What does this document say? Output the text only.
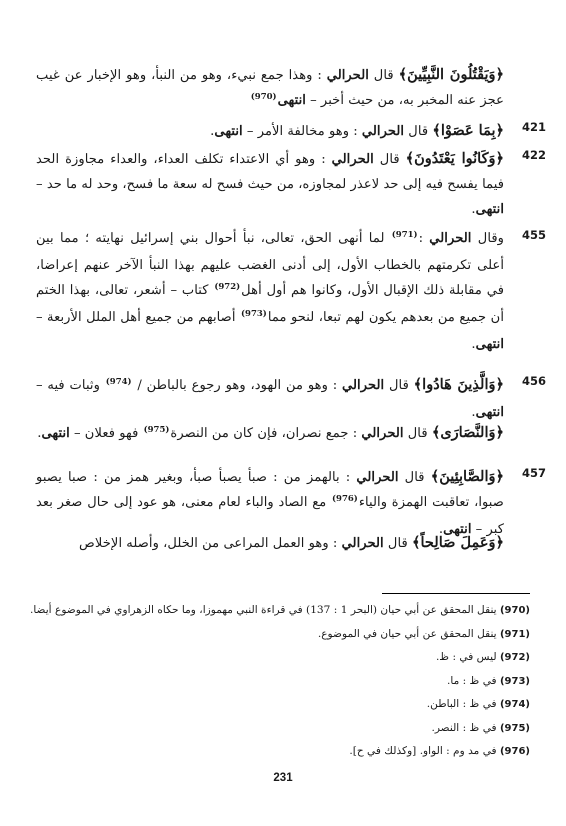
﴿وَيَقْتُلُونَ النَّبِيِّينَ﴾ قال الحرالي : وهذا جمع نبيء، وهو من النبأ، وهو الإخبار عن غيب عجز عنه المخبر به، من حيث أخبر – انتهى$^{(970)}$
421
﴿بِمَا عَصَوْا﴾ قال الحرالي : وهو مخالفة الأمر – انتهى.
422
﴿وَكَانُوا يَعْتَدُونَ﴾ قال الحرالي : وهو أي الاعتداء تكلف العداء، والعداء مجاوزة الحد فيما يفسح فيه إلى حد لاعذر لمجاوزه، من حيث فسح له سعة ما فسح، وحد له ما حد – انتهى.
455
وقال الحرالي :$^{(971)}$ لما أنهى الحق، تعالى، نبأ أحوال بني إسرائيل نهايته ؛ مما بين أعلى تكرمتهم بالخطاب الأول، إلى أدنى الغضب عليهم بهذا النبأ الآخر عنهم إعراضا، في مقابلة ذلك الإقبال الأول، وكانوا هم أول أهل$^{(972)}$ كتاب – أشعر، تعالى، بهذا الختم أن جميع من بعدهم يكون لهم تبعا، لنحو مما$^{(973)}$ أصابهم من جميع أهل الملل الأربعة – انتهى.
456
﴿وَالَّذِينَ هَادُوا﴾ قال الحرالي : وهو من الهود، وهو رجوع بالباطن / $^{(974)}$ وثبات فيه – انتهى.
﴿وَالنَّصَارَى﴾ قال الحرالي : جمع نصران، فإن كان من النصرة$^{(975)}$ فهو فعلان – انتهى.
457
﴿وَالصَّابِئِينَ﴾ قال الحرالي : بالهمز من : صبأ يصبأ صبأ، وبغير همز من : صبا يصبو صبوا، تعاقبت الهمزة والياء$^{(976)}$ مع الصاد والباء لعام معنى، هو عود إلى حال صغر بعد كبر – انتهى.
﴿وَعَمِلَ صَالِحاً﴾ قال الحرالي : وهو العمل المراعى من الخلل، وأصله الإخلاص
(970) ينقل المحقق عن أبي حيان (البحر 1 : 137) في قراءة النبي مهموزا، وما حكاه الزهراوي في الموضوع أيضا.
(971) ينقل المحقق عن أبي حيان في الموضوع.
(972) ليس في : ظ.
(973) في ظ : ما.
(974) في ظ : الباطن.
(975) في ظ : النصر.
(976) في مد وم : الواو. [وكذلك في ح].
231
